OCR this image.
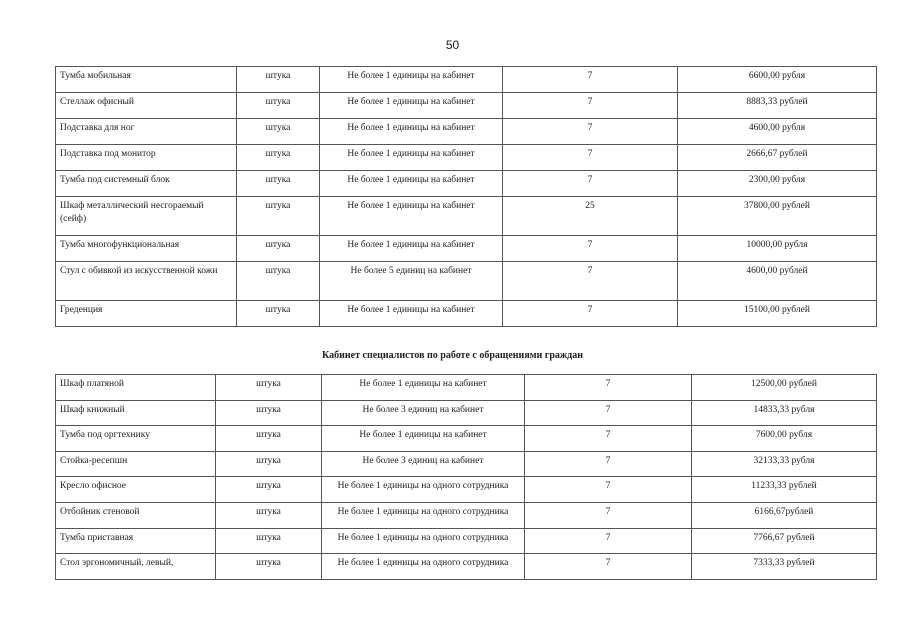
50
Тумба мобильная	штука	Не более 1 единицы на кабинет	7	6600,00 рубля
Стеллаж офисный	штука	Не более 1 единицы на кабинет	7	8883,33 рублей
Подставка для ног	штука	Не более 1 единицы на кабинет	7	4600,00 рубля
Подставка под монитор	штука	Не более 1 единицы на кабинет	7	2666,67 рублей
Тумба под системный блок	штука	Не более 1 единицы на кабинет	7	2300,00 рубля
Шкаф металлический несгораемый (сейф)	штука	Не более 1 единицы на кабинет	25	37800,00 рублей
Тумба многофункциональная	штука	Не более 1 единицы на кабинет	7	10000,00 рубля
Стул с обивкой из искусственной кожи	штука	Не более 5 единиц на кабинет	7	4600,00 рублей
Греденция	штука	Не более 1 единицы на кабинет	7	15100,00 рублей
Кабинет специалистов по работе с обращениями граждан
Шкаф платяной	штука	Не более 1 единицы на кабинет	7	12500,00 рублей
Шкаф книжный	штука	Не более 3 единиц на кабинет	7	14833,33 рубля
Тумба под оргтехнику	штука	Не более 1 единицы на кабинет	7	7600,00 рубля
Стойка-ресепшн	штука	Не более 3 единиц на кабинет	7	32133,33 рубля
Кресло офисное	штука	Не более 1 единицы на одного сотрудника	7	11233,33 рублей
Отбойник стеновой	штука	Не более 1 единицы на одного сотрудника	7	6166,67рублей
Тумба приставная	штука	Не более 1 единицы на одного сотрудника	7	7766,67 рублей
Стол эргономичный, левый,	штука	Не более 1 единицы на одного сотрудника	7	7333,33 рублей
